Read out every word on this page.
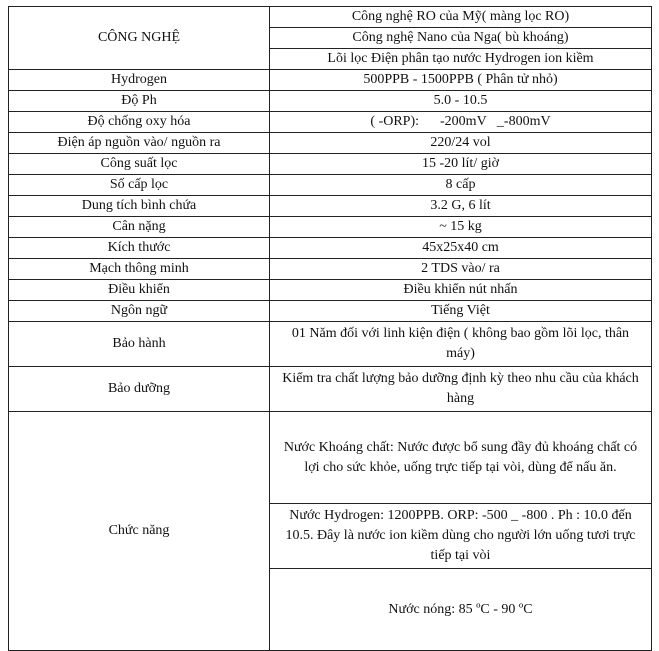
CÔNG NGHỆ	Công nghệ RO của Mỹ( màng lọc RO)
	Công nghệ Nano của Nga( bù khoáng)
	Lõi lọc Điện phân tạo nước Hydrogen ion kiềm
Hydrogen	500PPB - 1500PPB ( Phân tử nhỏ)
Độ Ph	5.0 - 10.5
Độ chống oxy hóa	( -ORP):      -200mV   _-800mV
Điện áp nguồn vào/ nguồn ra	220/24 vol
Công suất lọc	15 -20 lít/ giờ
Số cấp lọc	8 cấp
Dung tích bình chứa	3.2 G, 6 lít
Cân nặng	~ 15 kg
Kích thước	45x25x40 cm
Mạch thông minh	2 TDS vào/ ra
Điều khiển	Điều khiển nút nhấn
Ngôn ngữ	Tiếng Việt
Bảo hành	01 Năm đối với linh kiện điện ( không bao gồm lõi lọc, thân máy)
Bảo dưỡng	Kiểm tra chất lượng bảo dưỡng định kỳ theo nhu cầu của khách hàng
Chức năng	Nước Khoáng chất: Nước được bổ sung đầy đủ khoáng chất có lợi cho sức khỏe, uống trực tiếp tại vòi, dùng để nấu ăn.
	Nước Hydrogen: 1200PPB. ORP: -500 _ -800 . Ph : 10.0 đến 10.5. Đây là nước ion kiềm dùng cho người lớn uống tươi trực tiếp tại vòi
	Nước nóng: 85 ºC - 90 ºC
